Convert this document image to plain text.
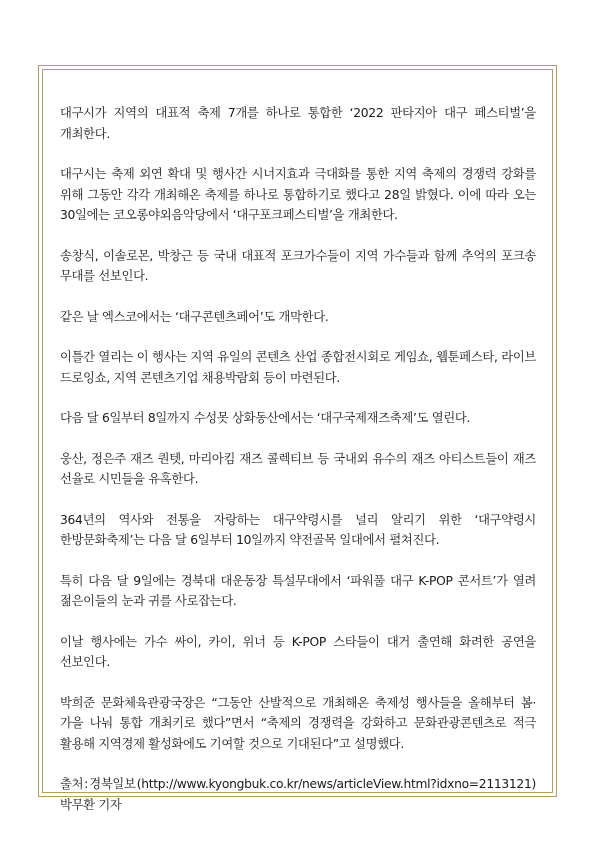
대구시가 지역의 대표적 축제 7개를 하나로 통합한 ‘2022 판타지아 대구 페스티벌’을 개최한다.

대구시는 축제 외연 확대 및 행사간 시너지효과 극대화를 통한 지역 축제의 경쟁력 강화를 위해 그동안 각각 개최해온 축제를 하나로 통합하기로 했다고 28일 밝혔다. 이에 따라 오는 30일에는 코오롱야외음악당에서 ‘대구포크페스티벌’을 개최한다.

송창식, 이솔로몬, 박창근 등 국내 대표적 포크가수들이 지역 가수들과 함께 추억의 포크송 무대를 선보인다.

같은 날 엑스코에서는 ‘대구콘텐츠페어’도 개막한다.

이틀간 열리는 이 행사는 지역 유일의 콘텐츠 산업 종합전시회로 게임쇼, 웹툰페스타, 라이브 드로잉쇼, 지역 콘텐츠기업 채용박람회 등이 마련된다.

다음 달 6일부터 8일까지 수성못 상화동산에서는 ‘대구국제재즈축제’도 열린다.

웅산, 정은주 재즈 퀀텟, 마리아킴 재즈 콜렉티브 등 국내외 유수의 재즈 아티스트들이 재즈 선율로 시민들을 유혹한다.

364년의 역사와 전통을 자랑하는 대구약령시를 널리 알리기 위한 ‘대구약령시 한방문화축제’는 다음 달 6일부터 10일까지 약전골목 일대에서 펼쳐진다.

특히 다음 달 9일에는 경북대 대운동장 특설무대에서 ‘파워풀 대구 K-POP 콘서트’가 열려 젊은이들의 눈과 귀를 사로잡는다.

이날 행사에는 가수 싸이, 카이, 위너 등 K-POP 스타들이 대거 출연해 화려한 공연을 선보인다.

박희준 문화체육관광국장은 “그동안 산발적으로 개최해온 축제성 행사들을 올해부터 봄·가을 나눠 통합 개최키로 했다”면서 “축제의 경쟁력을 강화하고 문화관광콘텐츠로 적극 활용해 지역경제 활성화에도 기여할 것으로 기대된다”고 설명했다.

출처 : 경북일보 (http://www.kyongbuk.co.kr/news/articleView.html?idxno=2113121)
박무환 기자
